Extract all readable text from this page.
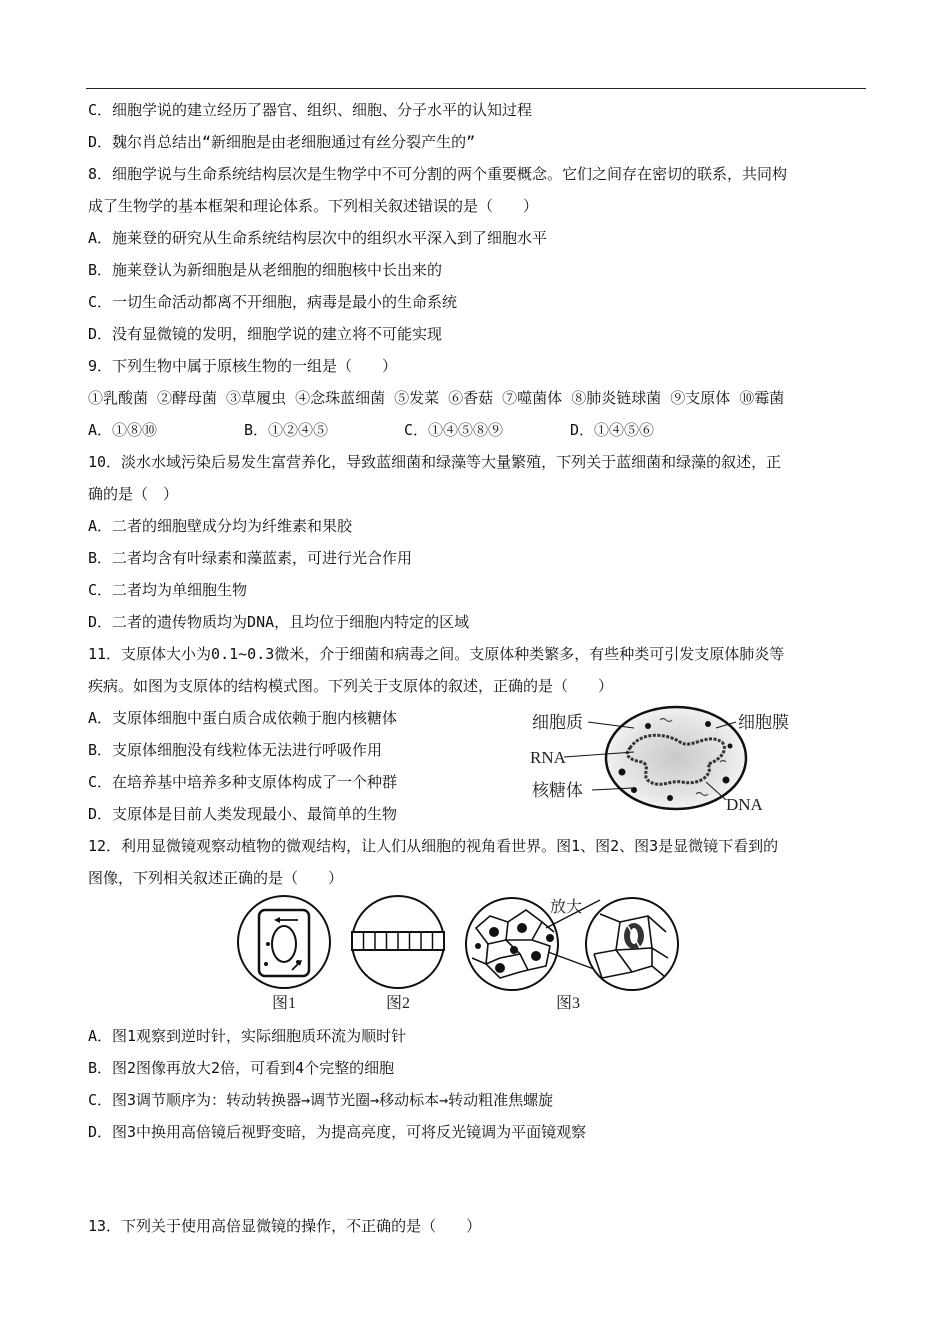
C．细胞学说的建立经历了器官、组织、细胞、分子水平的认知过程
D．魏尔肖总结出“新细胞是由老细胞通过有丝分裂产生的”
8．细胞学说与生命系统结构层次是生物学中不可分割的两个重要概念。它们之间存在密切的联系，共同构
成了生物学的基本框架和理论体系。下列相关叙述错误的是（　　）
A．施莱登的研究从生命系统结构层次中的组织水平深入到了细胞水平
B．施莱登认为新细胞是从老细胞的细胞核中长出来的
C．一切生命活动都离不开细胞，病毒是最小的生命系统
D．没有显微镜的发明，细胞学说的建立将不可能实现
9．下列生物中属于原核生物的一组是（　　）
①乳酸菌 ②酵母菌 ③草履虫 ④念珠蓝细菌 ⑤发菜 ⑥香菇 ⑦噬菌体 ⑧肺炎链球菌 ⑨支原体 ⑩霉菌
A．①⑧⑩	B．①②④⑤	C．①④⑤⑧⑨	D．①④⑤⑥
10．淡水水域污染后易发生富营养化，导致蓝细菌和绿藻等大量繁殖，下列关于蓝细菌和绿藻的叙述，正
确的是（　）
A．二者的细胞壁成分均为纤维素和果胶
B．二者均含有叶绿素和藻蓝素，可进行光合作用
C．二者均为单细胞生物
D．二者的遗传物质均为DNA，且均位于细胞内特定的区域
11．支原体大小为0.1~0.3微米，介于细菌和病毒之间。支原体种类繁多，有些种类可引发支原体肺炎等
疾病。如图为支原体的结构模式图。下列关于支原体的叙述，正确的是（　　）
A．支原体细胞中蛋白质合成依赖于胞内核糖体
B．支原体细胞没有线粒体无法进行呼吸作用
C．在培养基中培养多种支原体构成了一个种群
D．支原体是目前人类发现最小、最简单的生物
细胞质	细胞膜
RNA
核糖体
DNA
12．利用显微镜观察动植物的微观结构，让人们从细胞的视角看世界。图1、图2、图3是显微镜下看到的
图像，下列相关叙述正确的是（　　）
放大
图1	图2	图3
A．图1观察到逆时针，实际细胞质环流为顺时针
B．图2图像再放大2倍，可看到4个完整的细胞
C．图3调节顺序为：转动转换器→调节光圈→移动标本→转动粗准焦螺旋
D．图3中换用高倍镜后视野变暗，为提高亮度，可将反光镜调为平面镜观察
13．下列关于使用高倍显微镜的操作，不正确的是（　　）
